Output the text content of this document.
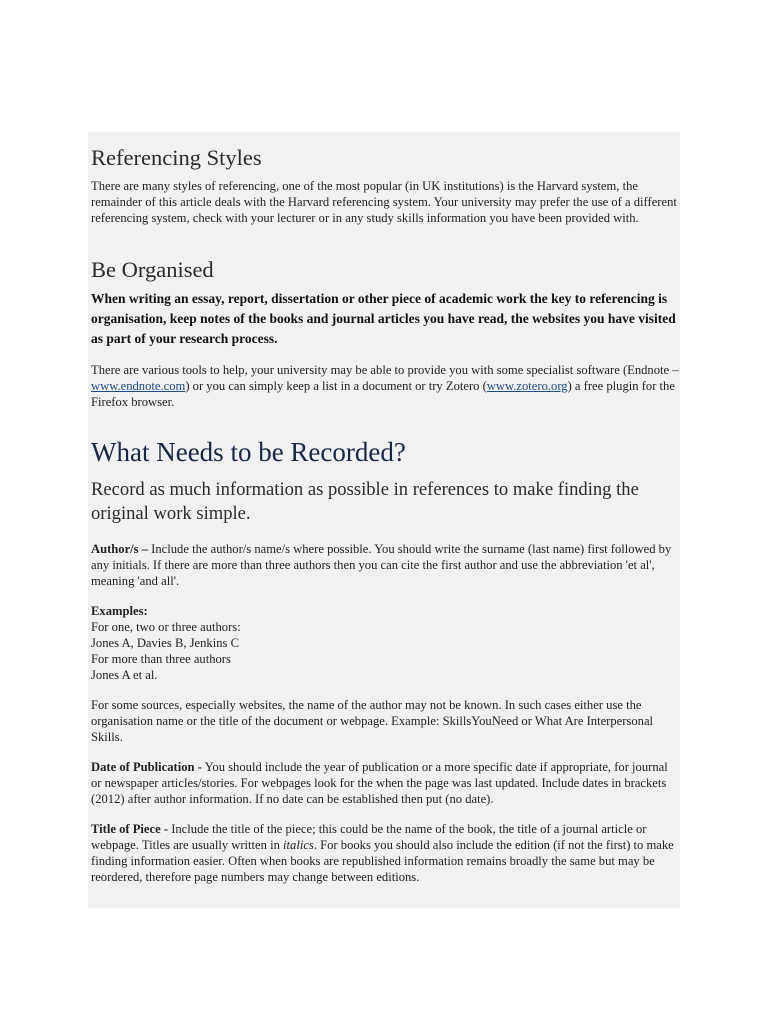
Referencing Styles

There are many styles of referencing, one of the most popular (in UK institutions) is the Harvard system, the remainder of this article deals with the Harvard referencing system. Your university may prefer the use of a different referencing system, check with your lecturer or in any study skills information you have been provided with.

Be Organised

When writing an essay, report, dissertation or other piece of academic work the key to referencing is organisation, keep notes of the books and journal articles you have read, the websites you have visited as part of your research process.

There are various tools to help, your university may be able to provide you with some specialist software (Endnote – www.endnote.com) or you can simply keep a list in a document or try Zotero (www.zotero.org) a free plugin for the Firefox browser.

What Needs to be Recorded?

Record as much information as possible in references to make finding the original work simple.

Author/s – Include the author/s name/s where possible. You should write the surname (last name) first followed by any initials. If there are more than three authors then you can cite the first author and use the abbreviation 'et al', meaning 'and all'.

Examples:
For one, two or three authors:
Jones A, Davies B, Jenkins C
For more than three authors
Jones A et al.

For some sources, especially websites, the name of the author may not be known. In such cases either use the organisation name or the title of the document or webpage. Example: SkillsYouNeed or What Are Interpersonal Skills.

Date of Publication - You should include the year of publication or a more specific date if appropriate, for journal or newspaper articles/stories. For webpages look for the when the page was last updated. Include dates in brackets (2012) after author information. If no date can be established then put (no date).

Title of Piece - Include the title of the piece; this could be the name of the book, the title of a journal article or webpage. Titles are usually written in italics. For books you should also include the edition (if not the first) to make finding information easier. Often when books are republished information remains broadly the same but may be reordered, therefore page numbers may change between editions.
